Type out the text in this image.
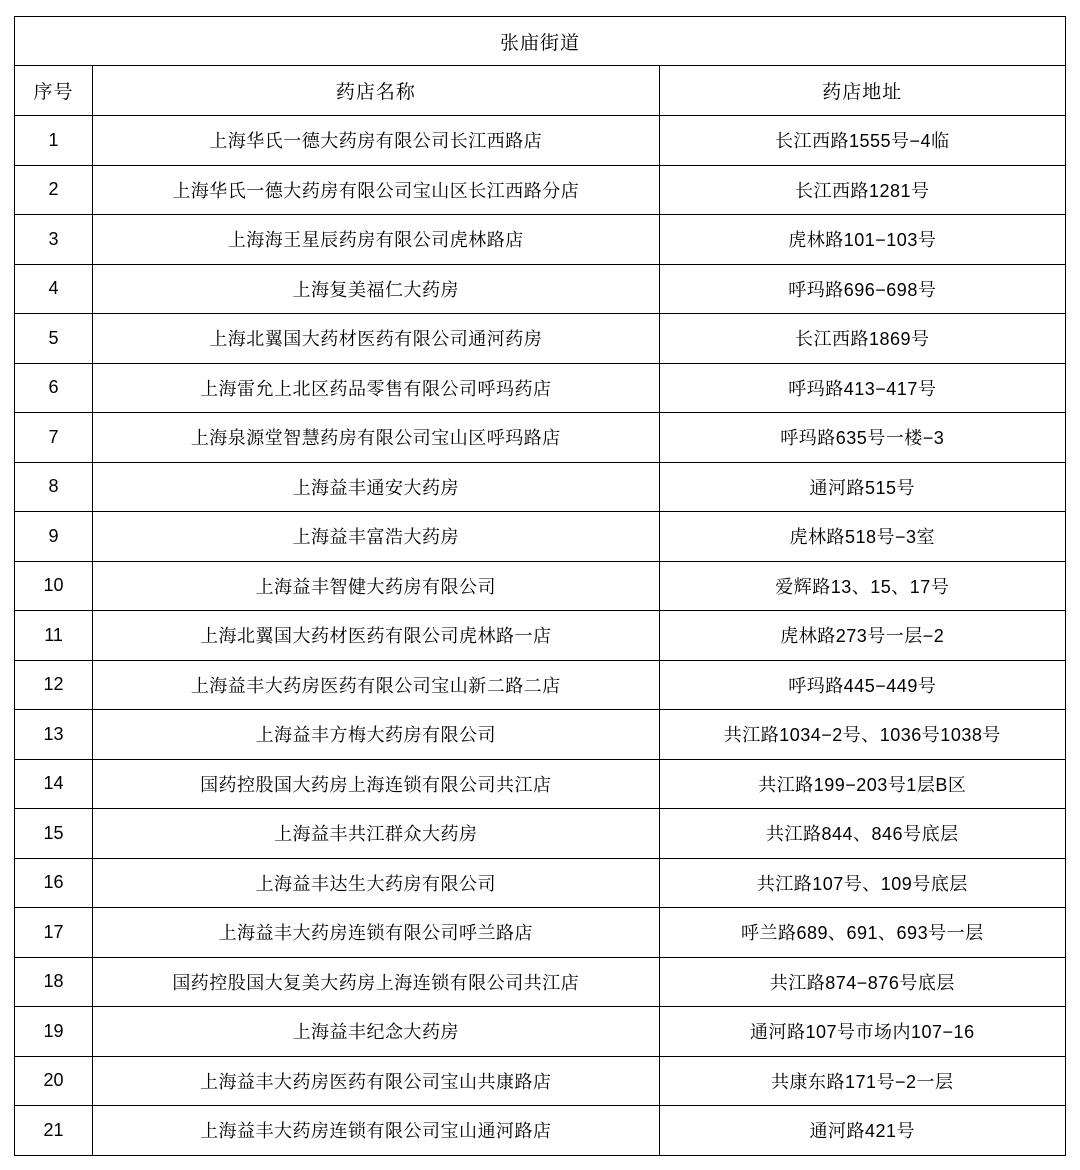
张庙街道		
序号	药店名称	药店地址
1	上海华氏一德大药房有限公司长江西路店	长江西路1555号−4临
2	上海华氏一德大药房有限公司宝山区长江西路分店	长江西路1281号
3	上海海王星辰药房有限公司虎林路店	虎林路101−103号
4	上海复美福仁大药房	呼玛路696−698号
5	上海北翼国大药材医药有限公司通河药房	长江西路1869号
6	上海雷允上北区药品零售有限公司呼玛药店	呼玛路413−417号
7	上海泉源堂智慧药房有限公司宝山区呼玛路店	呼玛路635号一楼−3
8	上海益丰通安大药房	通河路515号
9	上海益丰富浩大药房	虎林路518号−3室
10	上海益丰智健大药房有限公司	爱辉路13、15、17号
11	上海北翼国大药材医药有限公司虎林路一店	虎林路273号一层−2
12	上海益丰大药房医药有限公司宝山新二路二店	呼玛路445−449号
13	上海益丰方梅大药房有限公司	共江路1034−2号、1036号1038号
14	国药控股国大药房上海连锁有限公司共江店	共江路199−203号1层B区
15	上海益丰共江群众大药房	共江路844、846号底层
16	上海益丰达生大药房有限公司	共江路107号、109号底层
17	上海益丰大药房连锁有限公司呼兰路店	呼兰路689、691、693号一层
18	国药控股国大复美大药房上海连锁有限公司共江店	共江路874−876号底层
19	上海益丰纪念大药房	通河路107号市场内107−16
20	上海益丰大药房医药有限公司宝山共康路店	共康东路171号−2一层
21	上海益丰大药房连锁有限公司宝山通河路店	通河路421号
